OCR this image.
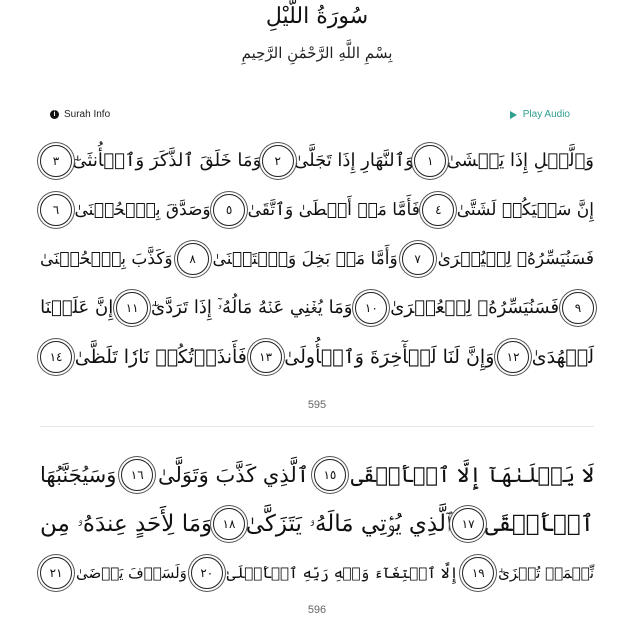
سُورَةُ اللَّيْلِ
بِسْمِ اللَّهِ الرَّحْمَٰنِ الرَّحِيمِ
i Surah Info	Play Audio
وَٱلَّيۡلِ إِذَا يَغۡشَىٰ
١
وَٱلنَّهَارِ إِذَا تَجَلَّىٰ
٢
وَمَا خَلَقَ ٱلذَّكَرَ وَٱلۡأُنثَىٰٓ
٣
إِنَّ سَعۡيَكُمۡ لَشَتَّىٰ
٤
فَأَمَّا مَنۡ أَعۡطَىٰ وَٱتَّقَىٰ
٥
وَصَدَّقَ بِٱلۡحُسۡنَىٰ
٦
فَسَنُيَسِّرُهُۥ لِلۡيُسۡرَىٰ
٧
وَأَمَّا مَنۢ بَخِلَ وَٱسۡتَغۡنَىٰ
٨
وَكَذَّبَ بِٱلۡحُسۡنَىٰ
٩
فَسَنُيَسِّرُهُۥ لِلۡعُسۡرَىٰ
١٠
وَمَا يُغۡنِي عَنۡهُ مَالُهُۥٓ إِذَا تَرَدَّىٰٓ
١١
إِنَّ عَلَيۡنَا
لَلۡهُدَىٰ
١٢
وَإِنَّ لَنَا لَلۡأٓخِرَةَ وَٱلۡأُولَىٰ
١٣
فَأَنذَرۡتُكُمۡ نَارٗا تَلَظَّىٰ
١٤
595
لَا يَصۡلَىٰهَآ إِلَّا ٱلۡأَشۡقَى
١٥
ٱلَّذِي كَذَّبَ وَتَوَلَّىٰ
١٦
وَسَيُجَنَّبُهَا
ٱلۡأَتۡقَى
١٧
ٱلَّذِي يُؤۡتِي مَالَهُۥ يَتَزَكَّىٰ
١٨
وَمَا لِأَحَدٍ عِندَهُۥ مِن
نِّعۡمَةٖ تُجۡزَىٰٓ
١٩
إِلَّا ٱبۡتِغَآءَ وَجۡهِ رَبِّهِ ٱلۡأَعۡلَىٰ
٢٠
وَلَسَوۡفَ يَرۡضَىٰ
٢١
596
